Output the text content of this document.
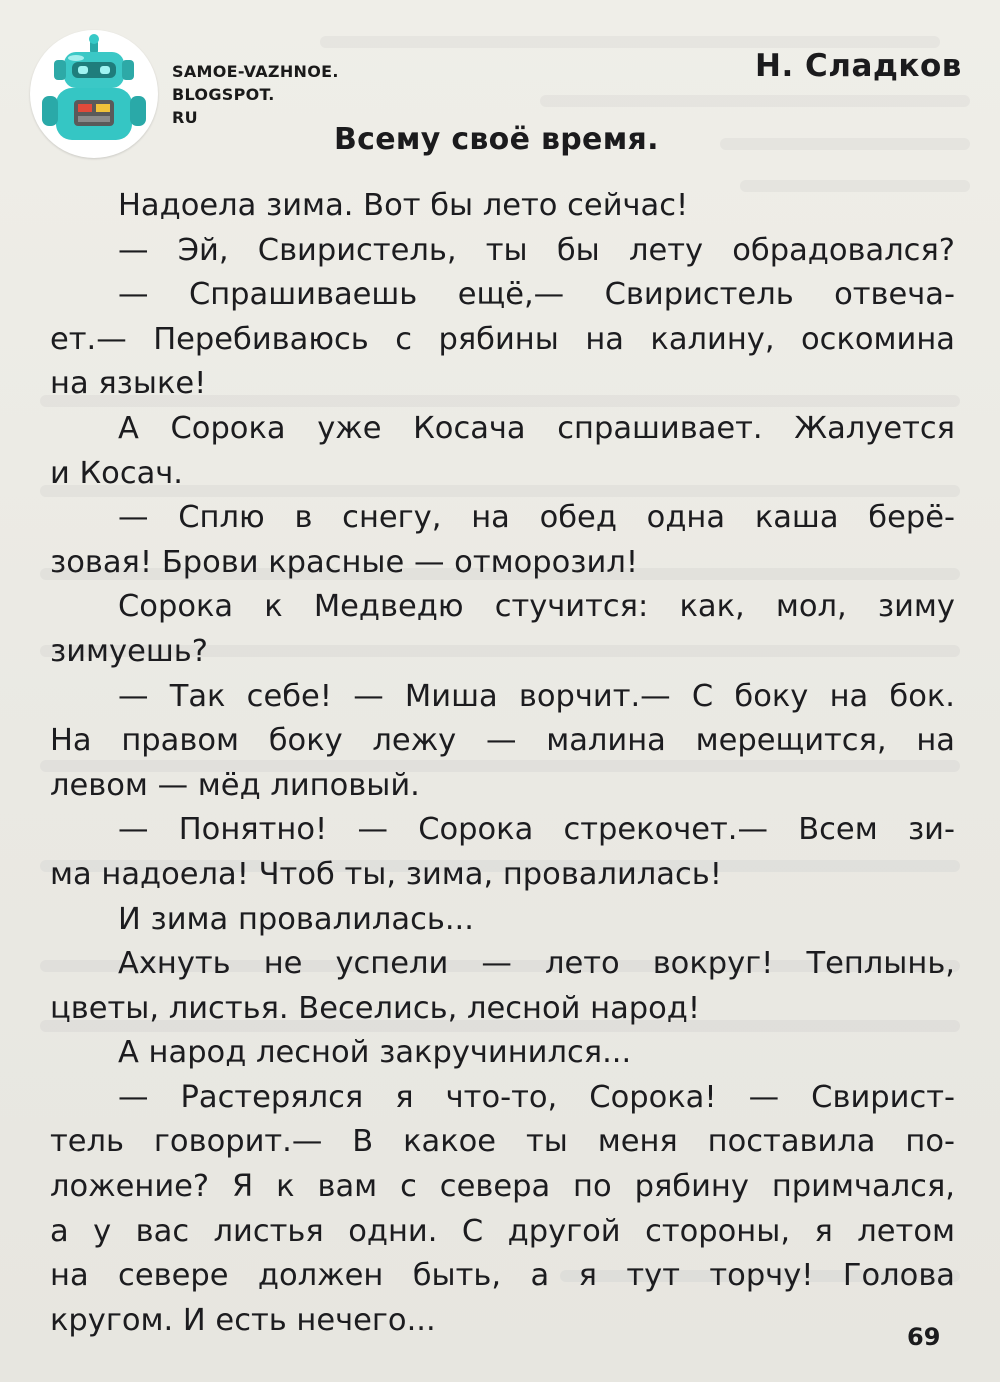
SAMOE-VAZHNOE.
BLOGSPOT.
RU
Н. Сладков
Всему своё время.
Надоела зима. Вот бы лето сейчас!
— Эй, Свиристель, ты бы лету обрадовался?
— Спрашиваешь ещё,— Свиристель отвеча-
ет.— Перебиваюсь с рябины на калину, оскомина
на языке!
А Сорока уже Косача спрашивает. Жалуется
и Косач.
— Сплю в снегу, на обед одна каша берё-
зовая! Брови красные — отморозил!
Сорока к Медведю стучится: как, мол, зиму
зимуешь?
— Так себе! — Миша ворчит.— С боку на бок.
На правом боку лежу — малина мерещится, на
левом — мёд липовый.
— Понятно! — Сорока стрекочет.— Всем зи-
ма надоела! Чтоб ты, зима, провалилась!
И зима провалилась...
Ахнуть не успели — лето вокруг! Теплынь,
цветы, листья. Веселись, лесной народ!
А народ лесной закручинился...
— Растерялся я что-то, Сорока! — Свирист-
тель говорит.— В какое ты меня поставила по-
ложение? Я к вам с севера по рябину примчался,
а у вас листья одни. С другой стороны, я летом
на севере должен быть, а я тут торчу! Голова
кругом. И есть нечего...	69
